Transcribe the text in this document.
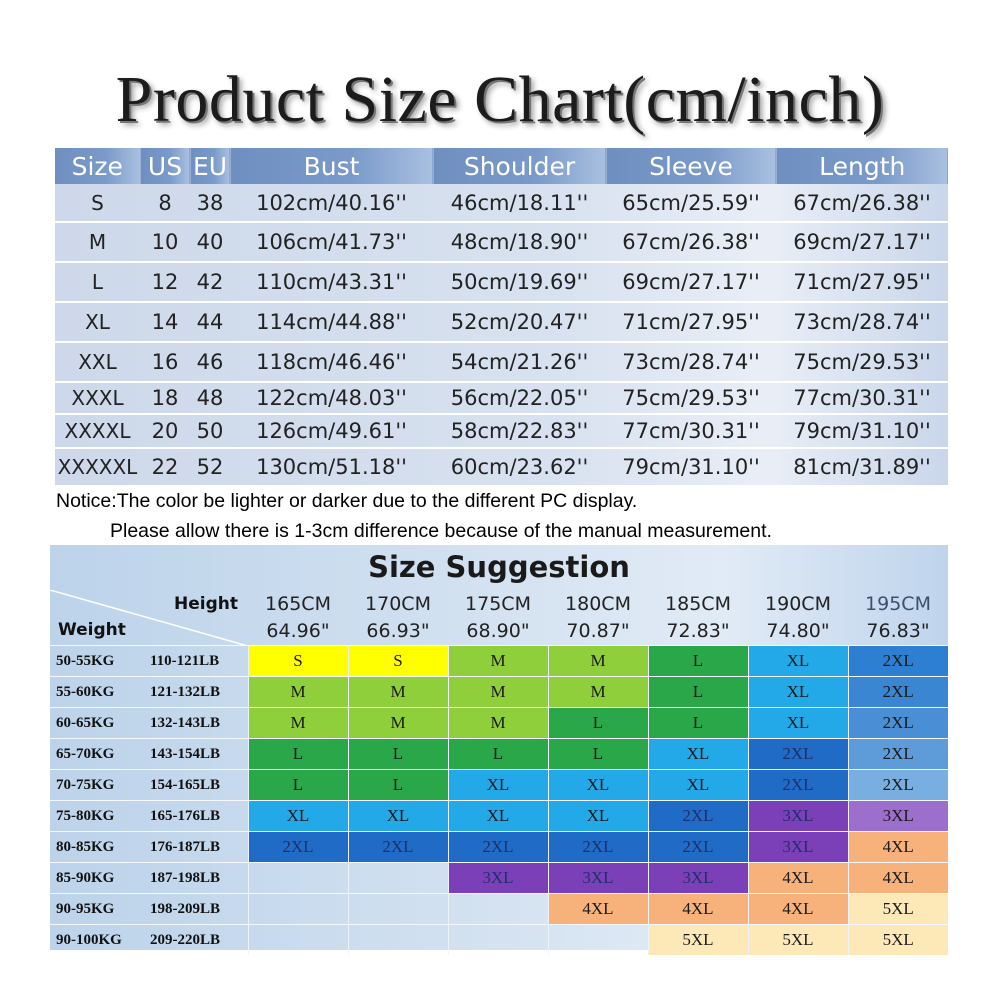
Product Size Chart(cm/inch)
Size	US	EU	Bust	Shoulder	Sleeve	Length
S	8	38	102cm/40.16''	46cm/18.11''	65cm/25.59''	67cm/26.38''
M	10	40	106cm/41.73''	48cm/18.90''	67cm/26.38''	69cm/27.17''
L	12	42	110cm/43.31''	50cm/19.69''	69cm/27.17''	71cm/27.95''
XL	14	44	114cm/44.88''	52cm/20.47''	71cm/27.95''	73cm/28.74''
XXL	16	46	118cm/46.46''	54cm/21.26''	73cm/28.74''	75cm/29.53''
XXXL	18	48	122cm/48.03''	56cm/22.05''	75cm/29.53''	77cm/30.31''
XXXXL	20	50	126cm/49.61''	58cm/22.83''	77cm/30.31''	79cm/31.10''
XXXXXL	22	52	130cm/51.18''	60cm/23.62''	79cm/31.10''	81cm/31.89''
Notice:The color be lighter or darker due to the different PC display.
Please allow there is 1-3cm difference because of the manual measurement.
Size Suggestion
Height
Weight		165CM	170CM	175CM	180CM	185CM	190CM	195CM
		64.96"	66.93"	68.90"	70.87"	72.83"	74.80"	76.83"
50-55KG	110-121LB	S	S	M	M	L	XL	2XL
55-60KG	121-132LB	M	M	M	M	L	XL	2XL
60-65KG	132-143LB	M	M	M	L	L	XL	2XL
65-70KG	143-154LB	L	L	L	L	XL	2XL	2XL
70-75KG	154-165LB	L	L	XL	XL	XL	2XL	2XL
75-80KG	165-176LB	XL	XL	XL	XL	2XL	3XL	3XL
80-85KG	176-187LB	2XL	2XL	2XL	2XL	2XL	3XL	4XL
85-90KG	187-198LB			3XL	3XL	3XL	4XL	4XL
90-95KG	198-209LB				4XL	4XL	4XL	5XL
90-100KG	209-220LB					5XL	5XL	5XL
